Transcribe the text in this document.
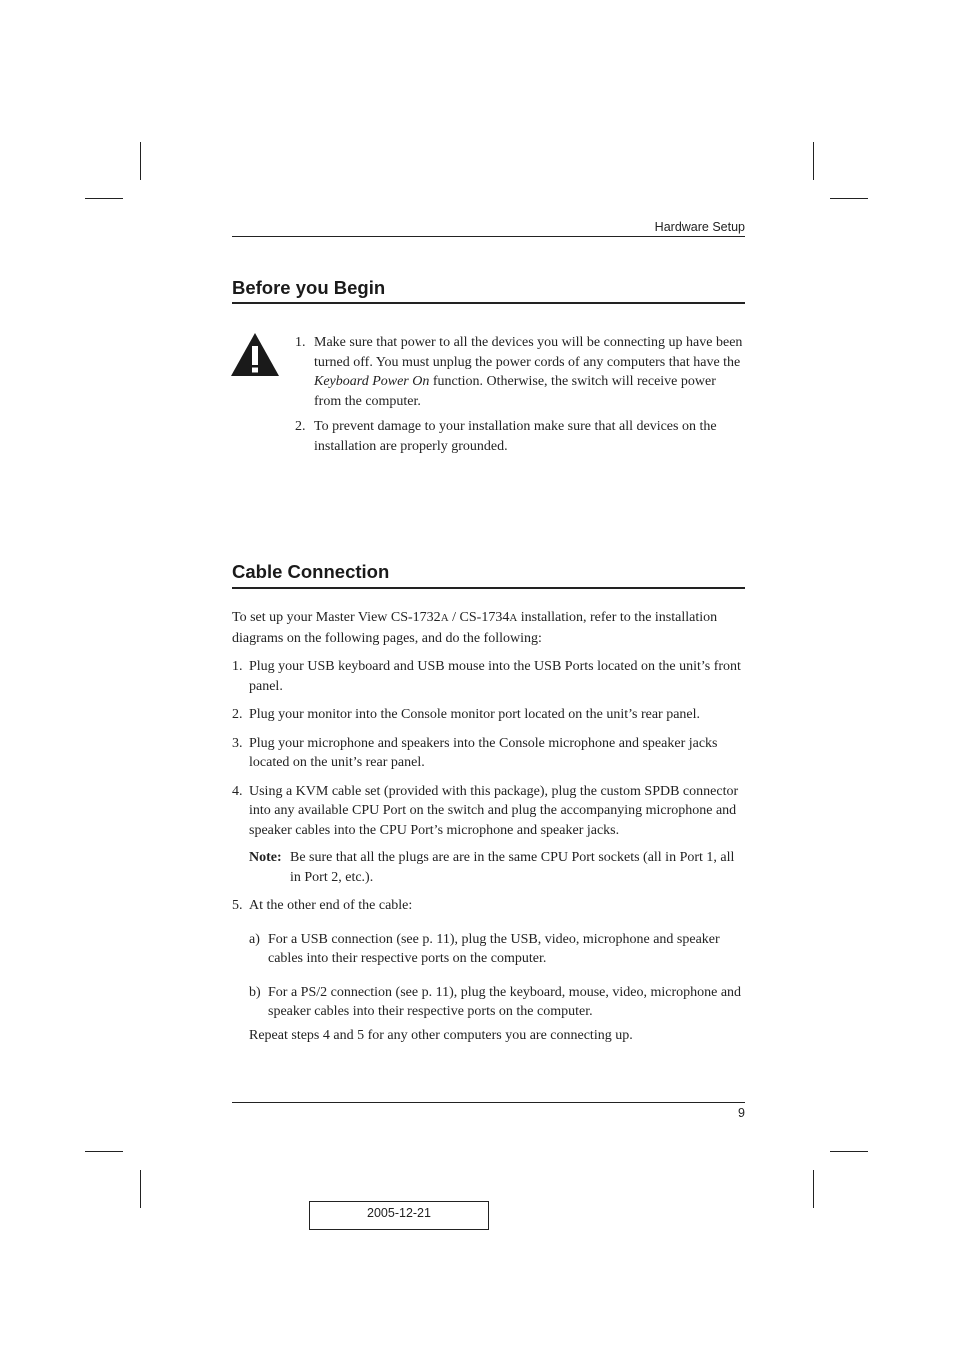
Hardware Setup
Before you Begin
1. Make sure that power to all the devices you will be connecting up have been turned off. You must unplug the power cords of any computers that have the Keyboard Power On function. Otherwise, the switch will receive power from the computer.
2. To prevent damage to your installation make sure that all devices on the installation are properly grounded.
Cable Connection

To set up your Master View CS-1732A / CS-1734A installation, refer to the installation diagrams on the following pages, and do the following:

1. Plug your USB keyboard and USB mouse into the USB Ports located on the unit’s front panel.
2. Plug your monitor into the Console monitor port located on the unit’s rear panel.
3. Plug your microphone and speakers into the Console microphone and speaker jacks located on the unit’s rear panel.
4. Using a KVM cable set (provided with this package), plug the custom SPDB connector into any available CPU Port on the switch and plug the accompanying microphone and speaker cables into the CPU Port’s microphone and speaker jacks.
Note: Be sure that all the plugs are are in the same CPU Port sockets (all in Port 1, all in Port 2, etc.).
5. At the other end of the cable:
a) For a USB connection (see p. 11), plug the USB, video, microphone and speaker cables into their respective ports on the computer.
b) For a PS/2 connection (see p. 11), plug the keyboard, mouse, video, microphone and speaker cables into their respective ports on the computer.

Repeat steps 4 and 5 for any other computers you are connecting up.

9
2005-12-21
